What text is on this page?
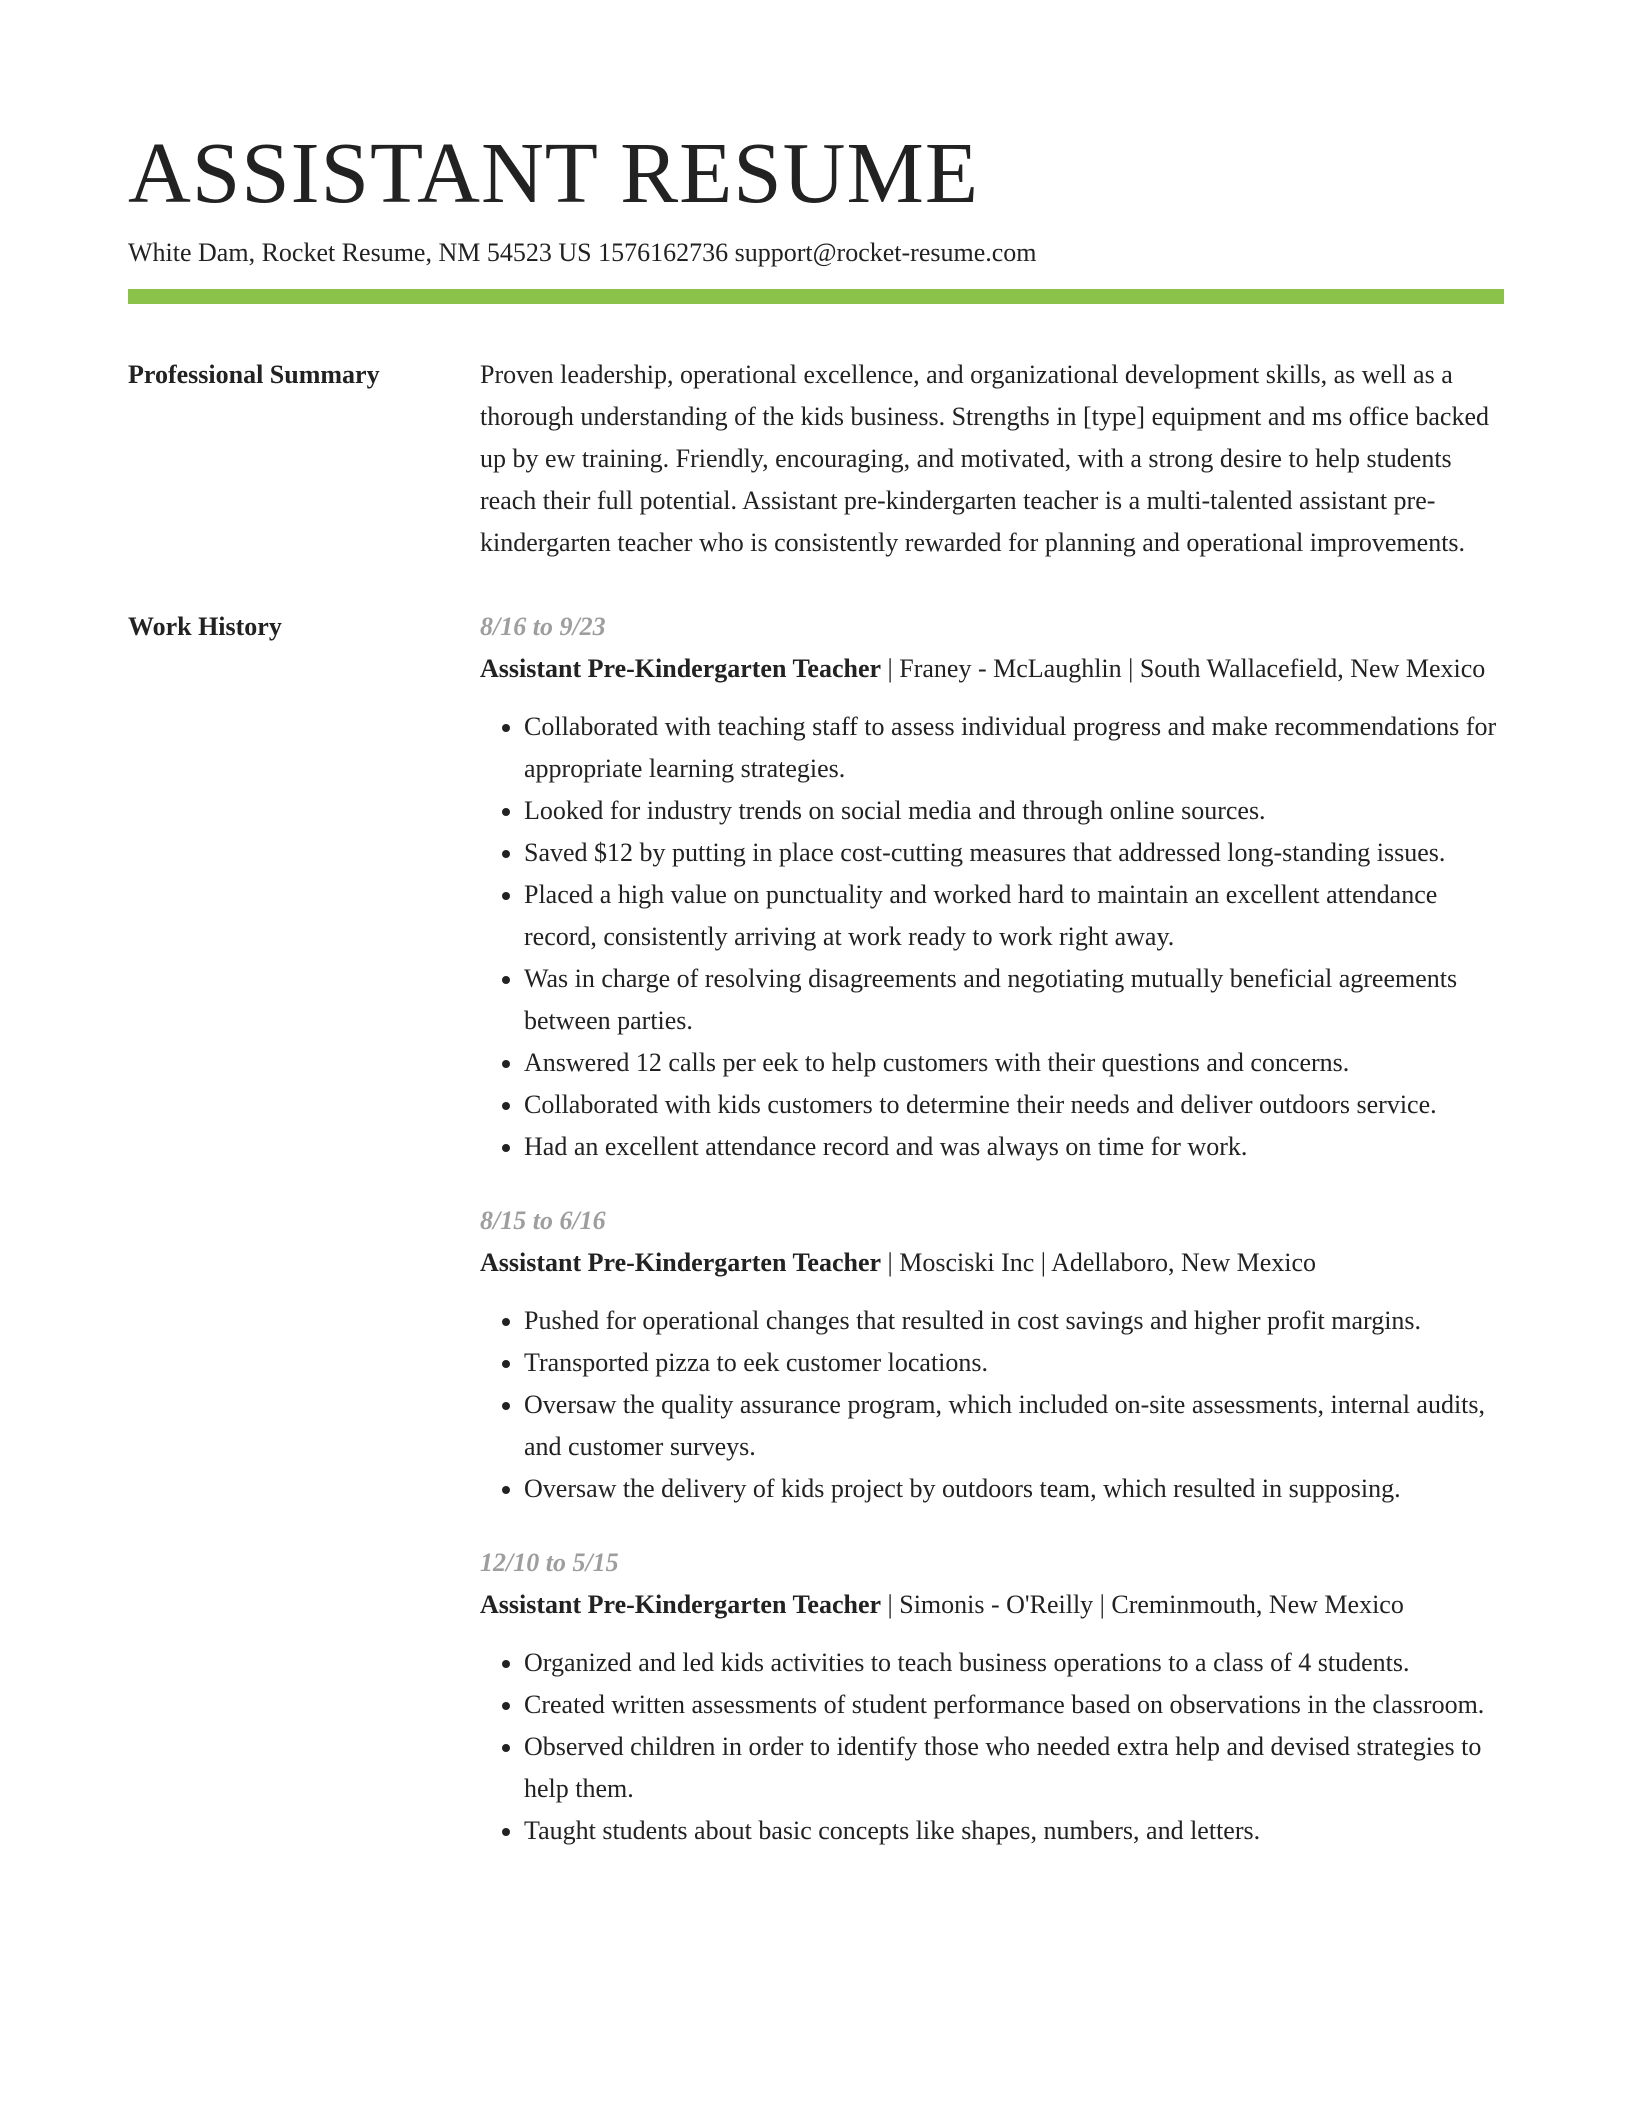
ASSISTANT RESUME
White Dam, Rocket Resume, NM 54523 US 1576162736 support@rocket-resume.com
Professional Summary	Proven leadership, operational excellence, and organizational development skills, as well as a thorough understanding of the kids business. Strengths in [type] equipment and ms office backed up by ew training. Friendly, encouraging, and motivated, with a strong desire to help students reach their full potential. Assistant pre-kindergarten teacher is a multi-talented assistant pre-kindergarten teacher who is consistently rewarded for planning and operational improvements.
Work History	8/16 to 9/23
Assistant Pre-Kindergarten Teacher | Franey - McLaughlin | South Wallacefield, New Mexico
• Collaborated with teaching staff to assess individual progress and make recommendations for appropriate learning strategies.
• Looked for industry trends on social media and through online sources.
• Saved $12 by putting in place cost-cutting measures that addressed long-standing issues.
• Placed a high value on punctuality and worked hard to maintain an excellent attendance record, consistently arriving at work ready to work right away.
• Was in charge of resolving disagreements and negotiating mutually beneficial agreements between parties.
• Answered 12 calls per eek to help customers with their questions and concerns.
• Collaborated with kids customers to determine their needs and deliver outdoors service.
• Had an excellent attendance record and was always on time for work.
8/15 to 6/16
Assistant Pre-Kindergarten Teacher | Mosciski Inc | Adellaboro, New Mexico
• Pushed for operational changes that resulted in cost savings and higher profit margins.
• Transported pizza to eek customer locations.
• Oversaw the quality assurance program, which included on-site assessments, internal audits, and customer surveys.
• Oversaw the delivery of kids project by outdoors team, which resulted in supposing.
12/10 to 5/15
Assistant Pre-Kindergarten Teacher | Simonis - O'Reilly | Creminmouth, New Mexico
• Organized and led kids activities to teach business operations to a class of 4 students.
• Created written assessments of student performance based on observations in the classroom.
• Observed children in order to identify those who needed extra help and devised strategies to help them.
• Taught students about basic concepts like shapes, numbers, and letters.
